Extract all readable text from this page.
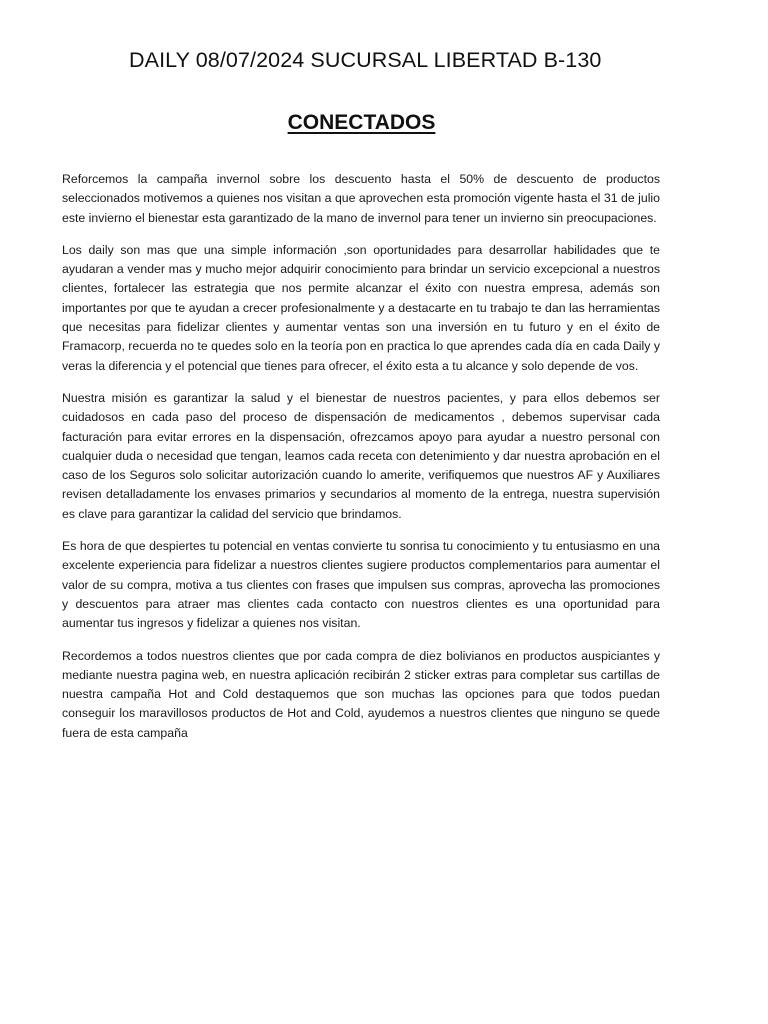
DAILY 08/07/2024 SUCURSAL LIBERTAD B-130
CONECTADOS

Reforcemos la campaña invernol sobre los descuento hasta el 50% de descuento de productos seleccionados motivemos a quienes nos visitan a que aprovechen esta promoción vigente hasta el 31 de julio este invierno el bienestar esta garantizado de la mano de invernol para tener un invierno sin preocupaciones.

Los daily son mas que una simple información ,son oportunidades para desarrollar habilidades que te ayudaran a vender mas y mucho mejor adquirir conocimiento para brindar un servicio excepcional a nuestros clientes, fortalecer las estrategia que nos permite alcanzar el éxito con nuestra empresa, además son importantes por que te ayudan a crecer profesionalmente y a destacarte en tu trabajo te dan las herramientas que necesitas para fidelizar clientes y aumentar ventas son una inversión en tu futuro y en el éxito de Framacorp, recuerda no te quedes solo en la teoría pon en practica lo que aprendes cada día en cada Daily y veras la diferencia y el potencial que tienes para ofrecer, el éxito esta a tu alcance y solo depende de vos.

Nuestra misión es garantizar la salud y el bienestar de nuestros pacientes, y para ellos debemos ser cuidadosos en cada paso del proceso de dispensación de medicamentos , debemos supervisar cada facturación para evitar errores en la dispensación, ofrezcamos apoyo para ayudar a nuestro personal con cualquier duda o necesidad que tengan, leamos cada receta con detenimiento y dar nuestra aprobación en el caso de los Seguros solo solicitar autorización cuando lo amerite, verifiquemos que nuestros AF y Auxiliares revisen detalladamente los envases primarios y secundarios al momento de la entrega, nuestra supervisión es clave para garantizar la calidad del servicio que brindamos.

Es hora de que despiertes tu potencial en ventas convierte tu sonrisa tu conocimiento y tu entusiasmo en una excelente experiencia para fidelizar a nuestros clientes sugiere productos complementarios para aumentar el valor de su compra, motiva a tus clientes con frases que impulsen sus compras, aprovecha las promociones y descuentos para atraer mas clientes cada contacto con nuestros clientes es una oportunidad para aumentar tus ingresos y fidelizar a quienes nos visitan.

Recordemos a todos nuestros clientes que por cada compra de diez bolivianos en productos auspiciantes y mediante nuestra pagina web, en nuestra aplicación recibirán 2 sticker extras para completar sus cartillas de nuestra campaña Hot and Cold destaquemos que son muchas las opciones para que todos puedan conseguir los maravillosos productos de Hot and Cold, ayudemos a nuestros clientes que ninguno se quede fuera de esta campaña
